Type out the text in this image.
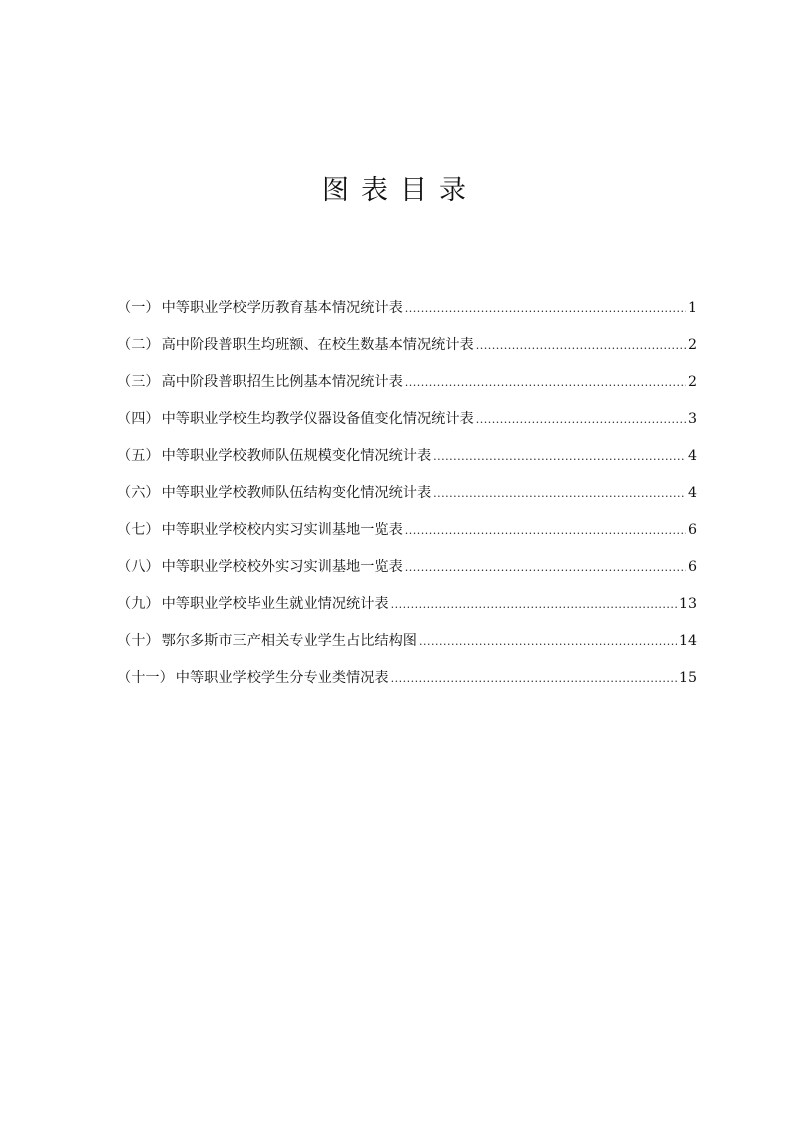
图表目录
（一） 中等职业学校学历教育基本情况统计表 .....	1
（二） 高中阶段普职生均班额、在校生数基本情况统计表 .....	2
（三） 高中阶段普职招生比例基本情况统计表 .....	2
（四） 中等职业学校生均教学仪器设备值变化情况统计表 .....	3
（五） 中等职业学校教师队伍规模变化情况统计表 .....	4
（六） 中等职业学校教师队伍结构变化情况统计表 .....	4
（七） 中等职业学校校内实习实训基地一览表 .....	6
（八） 中等职业学校校外实习实训基地一览表 .....	6
（九） 中等职业学校毕业生就业情况统计表 .....	13
（十） 鄂尔多斯市三产相关专业学生占比结构图 .....	14
（十一） 中等职业学校学生分专业类情况表 .....	15
